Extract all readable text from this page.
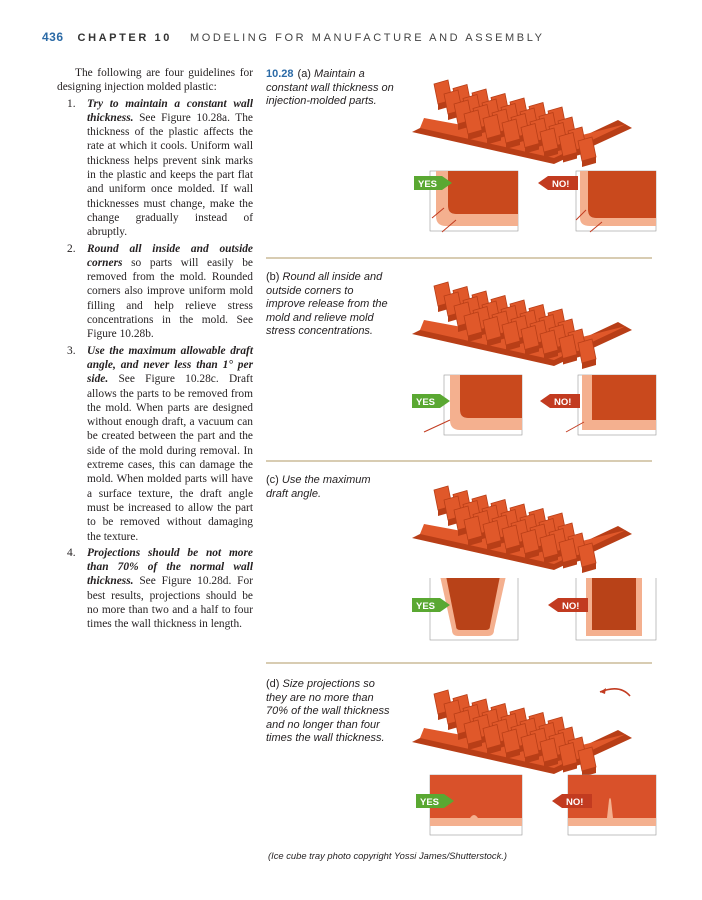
436 CHAPTER 10 MODELING FOR MANUFACTURE AND ASSEMBLY

The following are four guidelines for designing injection molded plastic:

1. Try to maintain a constant wall thickness. See Figure 10.28a. The thickness of the plastic affects the rate at which it cools. Uniform wall thickness helps prevent sink marks in the plastic and keeps the part flat and uniform once molded. If wall thicknesses must change, make the change gradually instead of abruptly.
2. Round all inside and outside corners so parts will easily be removed from the mold. Rounded corners also improve uniform mold filling and help relieve stress concentrations in the mold. See Figure 10.28b.
3. Use the maximum allowable draft angle, and never less than 1° per side. See Figure 10.28c. Draft allows the parts to be removed from the mold. When parts are designed without enough draft, a vacuum can be created between the part and the side of the mold during removal. In extreme cases, this can damage the mold. When molded parts will have a surface texture, the draft angle must be increased to allow the part to be removed without damaging the texture.
4. Projections should be not more than 70% of the normal wall thickness. See Figure 10.28d. For best results, projections should be no more than two and a half to four times the wall thickness in length.
10.28 (a) Maintain a constant wall thickness on injection-molded parts.
(b) Round all inside and outside corners to improve release from the mold and relieve mold stress concentrations.
(c) Use the maximum draft angle.
(d) Size projections so they are no more than 70% of the wall thickness and no longer than four times the wall thickness.
YES	NO!
YES	NO!
YES	NO!
YES	NO!
(Ice cube tray photo copyright Yossi James/Shutterstock.)
